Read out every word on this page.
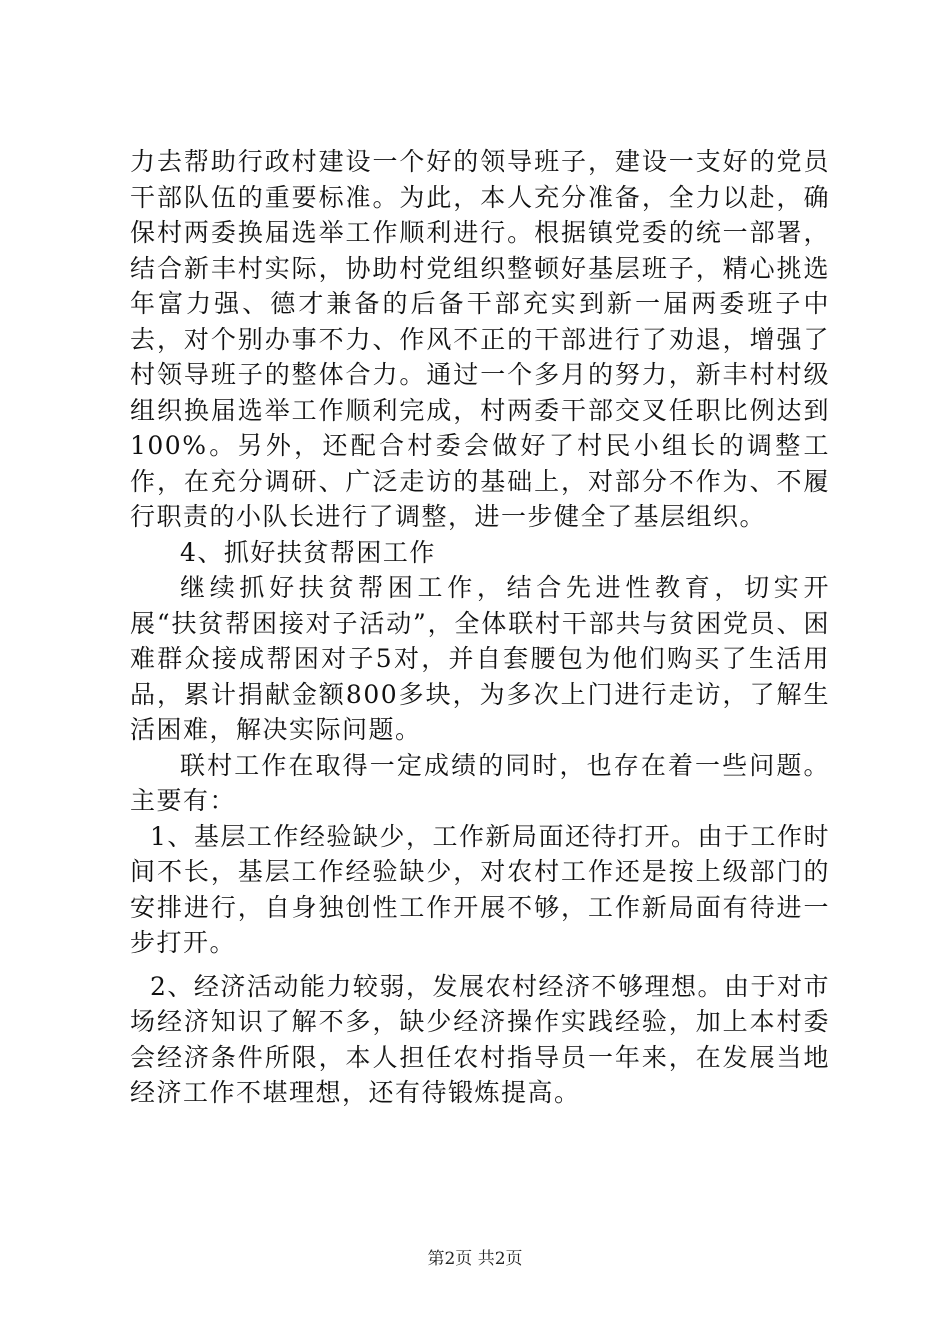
力去帮助行政村建设一个好的领导班子，建设一支好的党员干部队伍的重要标准。为此，本人充分准备，全力以赴，确保村两委换届选举工作顺利进行。根据镇党委的统一部署，结合新丰村实际，协助村党组织整顿好基层班子，精心挑选年富力强、德才兼备的后备干部充实到新一届两委班子中去，对个别办事不力、作风不正的干部进行了劝退，增强了村领导班子的整体合力。通过一个多月的努力，新丰村村级组织换届选举工作顺利完成，村两委干部交叉任职比例达到100%。另外，还配合村委会做好了村民小组长的调整工作，在充分调研、广泛走访的基础上，对部分不作为、不履行职责的小队长进行了调整，进一步健全了基层组织。

4、抓好扶贫帮困工作

继续抓好扶贫帮困工作，结合先进性教育，切实开展“扶贫帮困接对子活动”，全体联村干部共与贫困党员、困难群众接成帮困对子5对，并自套腰包为他们购买了生活用品，累计捐献金额800多块，为多次上门进行走访，了解生活困难，解决实际问题。

联村工作在取得一定成绩的同时，也存在着一些问题。主要有：

1、基层工作经验缺少，工作新局面还待打开。由于工作时间不长，基层工作经验缺少，对农村工作还是按上级部门的安排进行，自身独创性工作开展不够，工作新局面有待进一步打开。

2、经济活动能力较弱，发展农村经济不够理想。由于对市场经济知识了解不多，缺少经济操作实践经验，加上本村委会经济条件所限，本人担任农村指导员一年来，在发展当地经济工作不堪理想，还有待锻炼提高。

第2页 共2页
